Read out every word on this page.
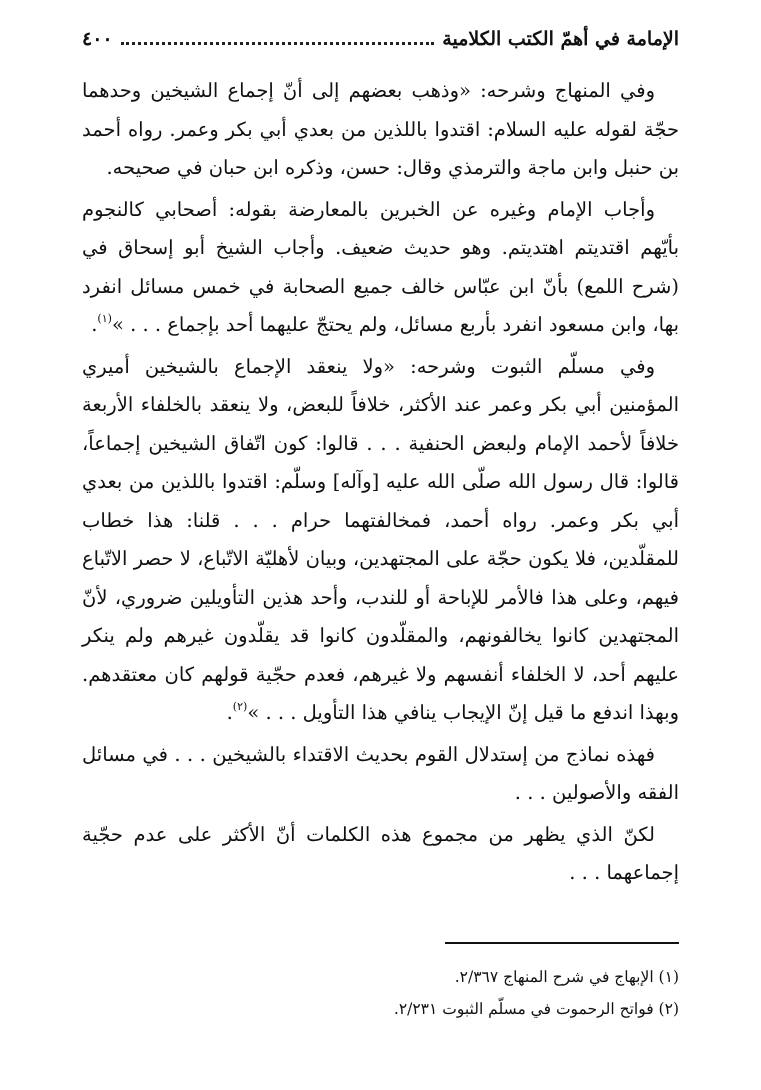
الإمامة في أهمّ الكتب الكلامية
٤٠٠

وفي المنهاج وشرحه: «وذهب بعضهم إلى أنّ إجماع الشيخين وحدهما حجّة لقوله عليه السلام: اقتدوا باللذين من بعدي أبي بكر وعمر. رواه أحمد بن حنبل وابن ماجة والترمذي وقال: حسن، وذكره ابن حبان في صحيحه.

وأجاب الإمام وغيره عن الخبرين بالمعارضة بقوله: أصحابي كالنجوم بأيّهم اقتديتم اهتديتم. وهو حديث ضعيف. وأجاب الشيخ أبو إسحاق في (شرح اللمع) بأنّ ابن عبّاس خالف جميع الصحابة في خمس مسائل انفرد بها، وابن مسعود انفرد بأربع مسائل، ولم يحتجّ عليهما أحد بإجماع . . . »$^{(١)}$.

وفي مسلّم الثبوت وشرحه: «ولا ينعقد الإجماع بالشيخين أميري المؤمنين أبي بكر وعمر عند الأكثر، خلافاً للبعض، ولا ينعقد بالخلفاء الأربعة خلافاً لأحمد الإمام ولبعض الحنفية . . . قالوا: كون اتّفاق الشيخين إجماعاً، قالوا: قال رسول الله صلّى الله عليه [وآله] وسلّم: اقتدوا باللذين من بعدي أبي بكر وعمر. رواه أحمد، فمخالفتهما حرام . . . قلنا: هذا خطاب للمقلّدين، فلا يكون حجّة على المجتهدين، وبيان لأهليّة الاتّباع، لا حصر الاتّباع فيهم، وعلى هذا فالأمر للإباحة أو للندب، وأحد هذين التأويلين ضروري، لأنّ المجتهدين كانوا يخالفونهم، والمقلّدون كانوا قد يقلّدون غيرهم ولم ينكر عليهم أحد، لا الخلفاء أنفسهم ولا غيرهم، فعدم حجّية قولهم كان معتقدهم. وبهذا اندفع ما قيل إنّ الإيجاب ينافي هذا التأويل . . . »$^{(٢)}$.

فهذه نماذج من إستدلال القوم بحديث الاقتداء بالشيخين . . . في مسائل الفقه والأصولين . . .

لكنّ الذي يظهر من مجموع هذه الكلمات أنّ الأكثر على عدم حجّية إجماعهما . . .

(١) الإبهاج في شرح المنهاج ٢/٣٦٧.
(٢) فواتح الرحموت في مسلّم الثبوت ٢/٢٣١.
